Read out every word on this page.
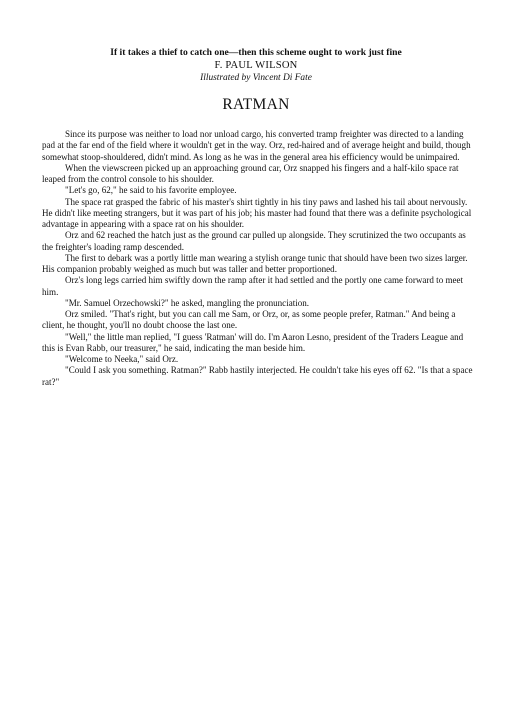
If it takes a thief to catch one—then this scheme ought to work just fine
F. PAUL WILSON
Illustrated by Vincent Di Fate
RATMAN

Since its purpose was neither to load nor unload cargo, his converted tramp freighter was directed to a landing pad at the far end of the field where it wouldn't get in the way. Orz, red-haired and of average height and build, though somewhat stoop-shouldered, didn't mind. As long as he was in the general area his efficiency would be unimpaired.

When the viewscreen picked up an approaching ground car, Orz snapped his fingers and a half-kilo space rat leaped from the control console to his shoulder.

"Let's go, 62," he said to his favorite employee.

The space rat grasped the fabric of his master's shirt tightly in his tiny paws and lashed his tail about nervously. He didn't like meeting strangers, but it was part of his job; his master had found that there was a definite psychological advantage in appearing with a space rat on his shoulder.

Orz and 62 reached the hatch just as the ground car pulled up alongside. They scrutinized the two occupants as the freighter's loading ramp descended.

The first to debark was a portly little man wearing a stylish orange tunic that should have been two sizes larger. His companion probably weighed as much but was taller and better proportioned.

Orz's long legs carried him swiftly down the ramp after it had settled and the portly one came forward to meet him.

"Mr. Samuel Orzechowski?" he asked, mangling the pronunciation.

Orz smiled. "That's right, but you can call me Sam, or Orz, or, as some people prefer, Ratman." And being a client, he thought, you'll no doubt choose the last one.

"Well," the little man replied, "I guess 'Ratman' will do. I'm Aaron Lesno, president of the Traders League and this is Evan Rabb, our treasurer," he said, indicating the man beside him.

"Welcome to Neeka," said Orz.

"Could I ask you something. Ratman?" Rabb hastily interjected. He couldn't take his eyes off 62. "Is that a space rat?"
